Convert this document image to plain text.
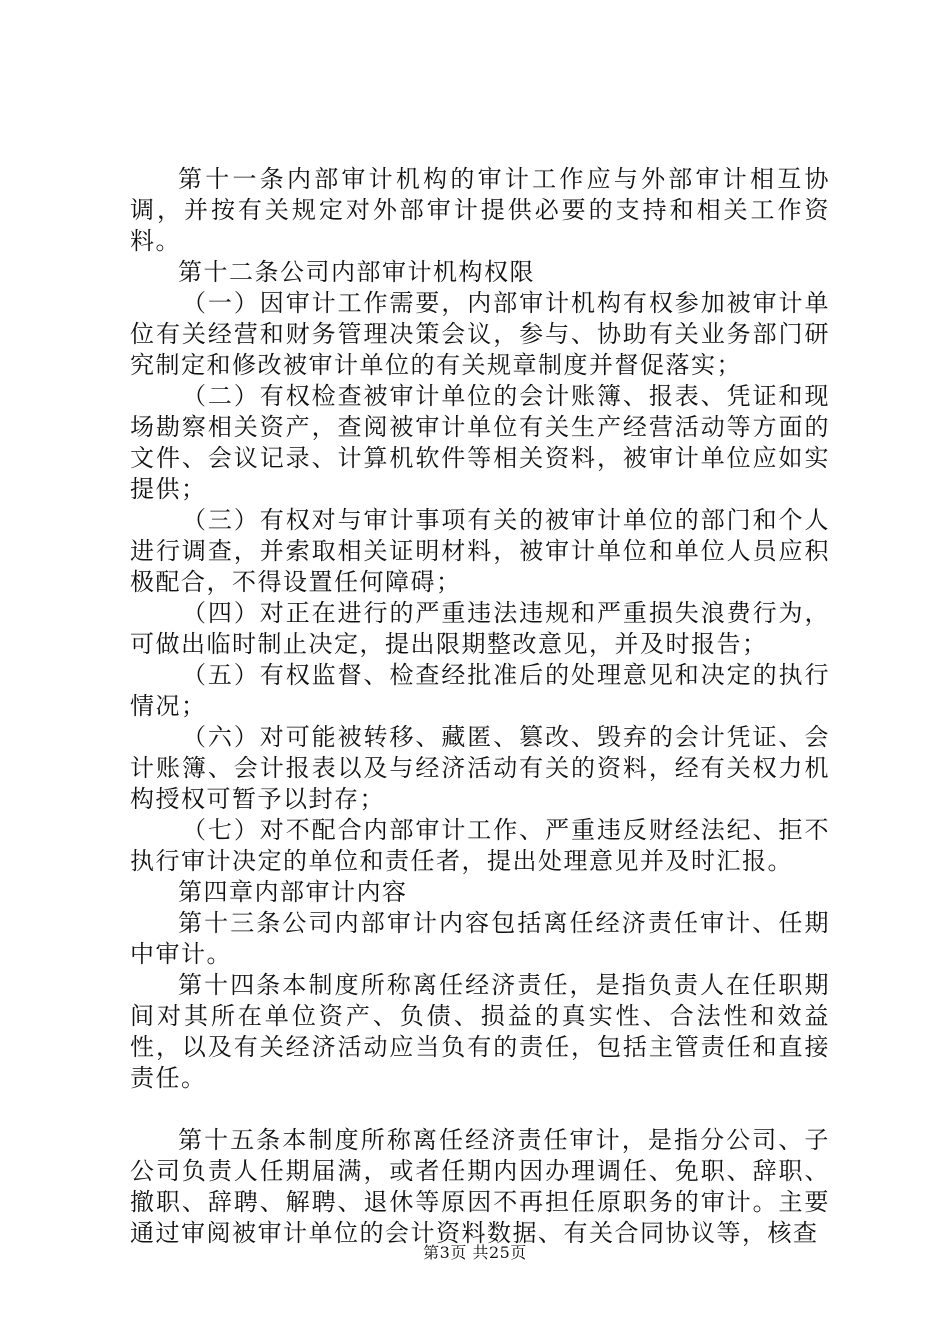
第十一条内部审计机构的审计工作应与外部审计相互协调，并按有关规定对外部审计提供必要的支持和相关工作资料。

第十二条公司内部审计机构权限

（一）因审计工作需要，内部审计机构有权参加被审计单位有关经营和财务管理决策会议，参与、协助有关业务部门研究制定和修改被审计单位的有关规章制度并督促落实；

（二）有权检查被审计单位的会计账簿、报表、凭证和现场勘察相关资产，查阅被审计单位有关生产经营活动等方面的文件、会议记录、计算机软件等相关资料，被审计单位应如实提供；

（三）有权对与审计事项有关的被审计单位的部门和个人进行调查，并索取相关证明材料，被审计单位和单位人员应积极配合，不得设置任何障碍；

（四）对正在进行的严重违法违规和严重损失浪费行为，可做出临时制止决定，提出限期整改意见，并及时报告；

（五）有权监督、检查经批准后的处理意见和决定的执行情况；

（六）对可能被转移、藏匿、篡改、毁弃的会计凭证、会计账簿、会计报表以及与经济活动有关的资料，经有关权力机构授权可暂予以封存；

（七）对不配合内部审计工作、严重违反财经法纪、拒不执行审计决定的单位和责任者，提出处理意见并及时汇报。

第四章内部审计内容

第十三条公司内部审计内容包括离任经济责任审计、任期中审计。

第十四条本制度所称离任经济责任，是指负责人在任职期间对其所在单位资产、负债、损益的真实性、合法性和效益性，以及有关经济活动应当负有的责任，包括主管责任和直接责任。

第十五条本制度所称离任经济责任审计，是指分公司、子公司负责人任期届满，或者任期内因办理调任、免职、辞职、撤职、辞聘、解聘、退休等原因不再担任原职务的审计。主要通过审阅被审计单位的会计资料数据、有关合同协议等，核查

第3页 共25页
